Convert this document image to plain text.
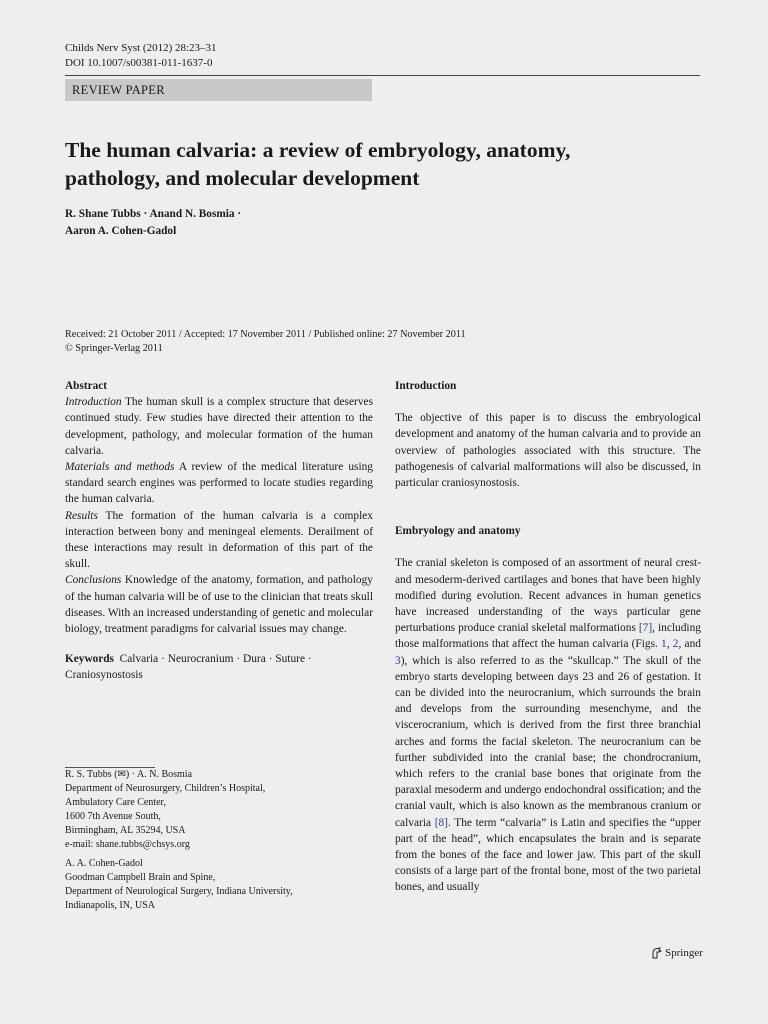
Childs Nerv Syst (2012) 28:23–31
DOI 10.1007/s00381-011-1637-0
REVIEW PAPER
The human calvaria: a review of embryology, anatomy,
pathology, and molecular development
R. Shane Tubbs · Anand N. Bosmia ·
Aaron A. Cohen-Gadol
Received: 21 October 2011 / Accepted: 17 November 2011 / Published online: 27 November 2011
© Springer-Verlag 2011

Abstract

Introduction The human skull is a complex structure that deserves continued study. Few studies have directed their attention to the development, pathology, and molecular formation of the human calvaria.

Materials and methods A review of the medical literature using standard search engines was performed to locate studies regarding the human calvaria.

Results The formation of the human calvaria is a complex interaction between bony and meningeal elements. Derailment of these interactions may result in deformation of this part of the skull.

Conclusions Knowledge of the anatomy, formation, and pathology of the human calvaria will be of use to the clinician that treats skull diseases. With an increased understanding of genetic and molecular biology, treatment paradigms for calvarial issues may change.

Keywords Calvaria · Neurocranium · Dura · Suture · Craniosynostosis

R. S. Tubbs (✉) · A. N. Bosmia

Department of Neurosurgery, Children’s Hospital,

Ambulatory Care Center,

1600 7th Avenue South,

Birmingham, AL 35294, USA

e-mail: shane.tubbs@chsys.org

A. A. Cohen-Gadol

Goodman Campbell Brain and Spine,

Department of Neurological Surgery, Indiana University,

Indianapolis, IN, USA

Introduction

The objective of this paper is to discuss the embryological development and anatomy of the human calvaria and to provide an overview of pathologies associated with this structure. The pathogenesis of calvarial malformations will also be discussed, in particular craniosynostosis.

Embryology and anatomy

The cranial skeleton is composed of an assortment of neural crest- and mesoderm-derived cartilages and bones that have been highly modified during evolution. Recent advances in human genetics have increased understanding of the ways particular gene perturbations produce cranial skeletal malformations [7], including those malformations that affect the human calvaria (Figs. 1, 2, and 3), which is also referred to as the “skullcap.” The skull of the embryo starts developing between days 23 and 26 of gestation. It can be divided into the neurocranium, which surrounds the brain and develops from the surrounding mesenchyme, and the viscerocranium, which is derived from the first three branchial arches and forms the facial skeleton. The neurocranium can be further subdivided into the cranial base; the chondrocranium, which refers to the cranial base bones that originate from the paraxial mesoderm and undergo endochondral ossification; and the cranial vault, which is also known as the membranous cranium or calvaria [8]. The term “calvaria” is Latin and specifies the “upper part of the head”, which encapsulates the brain and is separate from the bones of the face and lower jaw. This part of the skull consists of a large part of the frontal bone, most of the two parietal bones, and usually

Springer
